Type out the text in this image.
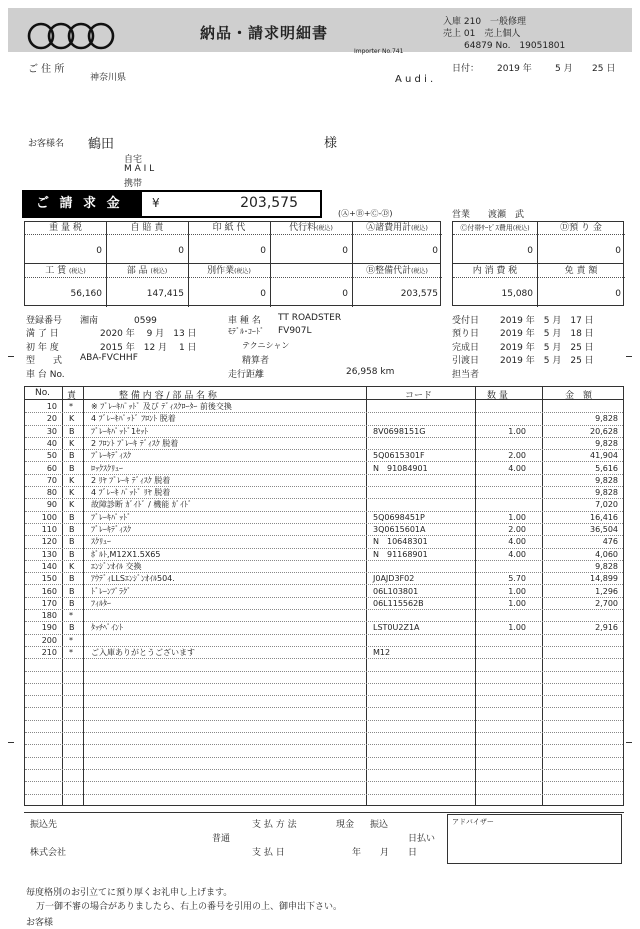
納品・請求明細書
Importer No.741
入庫 210　一般修理
売上 01　売上個人
64879 No.　19051801
ご 住 所
神奈川県
日付： 2019 年	5 月 25 日
A u d i .
お客様名 鶴田	様
自宅
M A I L
携帯
ご 請 求 金 額
¥	203,575
(Ⓐ+Ⓑ+Ⓒ-Ⓓ)	営業 渡瀬　武
重 量 税	自 賠 責	印 紙 代	代行料(税込)	Ⓐ諸費用計(税込)
0	0	0	0	0
工 賃 (税込)	部 品 (税込)	別作業(税込)	Ⓑ整備代計(税込)
56,160	147,415	0	0	203,575
Ⓒ付帯ｻｰﾋﾞｽ費用(税込)	Ⓓ預 り 金
0	0
内 消 費 税	免 責 額
15,080	0
登録番号 湘南　　　　0599
満 了 日	2020 年　 9 月　13 日
初 年 度	2015 年　12 月　 1 日
型　　式 ABA-FVCHHF
車 台 No.
車 種 名 TT ROADSTER
ﾓﾃﾞﾙ･ｺｰﾄﾞ FV907L
テクニシャン
精算者
走行距離	26,958 km
受付日 2019 年　5 月　17 日
預り日 2019 年　5 月　18 日
完成日 2019 年　5 月　25 日
引渡日 2019 年　5 月　25 日
担当者
No. 責	整 備 内 容 / 部 品 名 称	コード	数 量	金　額
10 * ※ ﾌﾞﾚｰｷﾊﾟｯﾄﾞ 及び ﾃﾞｨｽｸﾛｰﾀｰ 前後交換
20 K 4 ﾌﾞﾚｰｷﾊﾟｯﾄﾞ ﾌﾛﾝﾄ 脱着	9,828
30 B ﾌﾞﾚｰｷﾊﾟｯﾄﾞ1ｾｯﾄ	8V0698151G	1.00	20,628
40 K 2 ﾌﾛﾝﾄ ﾌﾞﾚｰｷ ﾃﾞｨｽｸ 脱着	9,828
50 B ﾌﾞﾚｰｷﾃﾞｨｽｸ	5Q0615301F	2.00	41,904
60 B ﾛｯｸｽｸﾘｭｰ	N　91084901	4.00	5,616
70 K 2 ﾘﾔ ﾌﾞﾚｰｷ ﾃﾞｨｽｸ 脱着	9,828
80 K 4 ﾌﾞﾚｰｷ ﾊﾟｯﾄﾞ ﾘﾔ 脱着	9,828
90 K 故障診断 ｶﾞｲﾄﾞ / 機能 ｶﾞｲﾄﾞ	7,020
100 B ﾌﾞﾚｰｷﾊﾟｯﾄﾞ	5Q0698451P	1.00	16,416
110 B ﾌﾞﾚｰｷﾃﾞｨｽｸ	3Q0615601A	2.00	36,504
120 B ｽｸﾘｭｰ	N　10648301	4.00	476
130 B ﾎﾞﾙﾄ,M12X1.5X65	N　91168901	4.00	4,060
140 K ｴﾝｼﾞﾝｵｲﾙ 交換	9,828
150 B ｱｳﾃﾞｨLLSｴﾝｼﾞﾝｵｲﾙ504.	J0AJD3F02	5.70	14,899
160 B ﾄﾞﾚｰﾝﾌﾟﾗｸﾞ	06L103801	1.00	1,296
170 B ﾌｨﾙﾀｰ	06L115562B	1.00	2,700
180 *
190 B ﾀｯﾁﾍﾟｲﾝﾄ	LST0U2Z1A	1.00	2,916
200 *
210 * ご入庫ありがとうございます	M12
振込先
普通
株式会社
支 払 方 法	現金 振込
日払い
支 払 日	年 月 日
アドバイザー
毎度格別のお引立てに預り厚くお礼申し上げます。
万一御不審の場合がありましたら、右上の番号を引用の上、御申出下さい。
お客様
